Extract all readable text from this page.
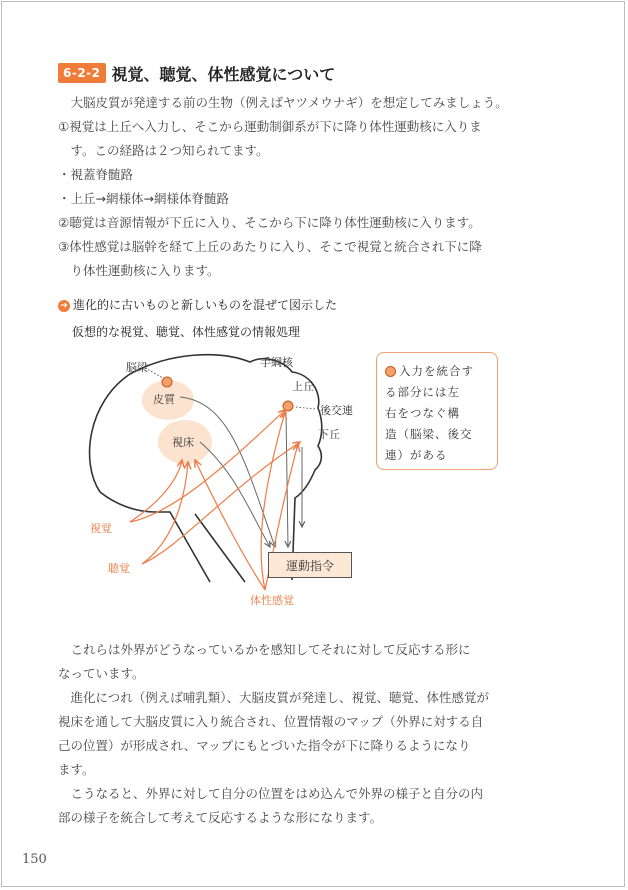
6-2-2 視覚、聴覚、体性感覚について
　大脳皮質が発達する前の生物（例えばヤツメウナギ）を想定してみましょう。
①視覚は上丘へ入力し、そこから運動制御系が下に降り体性運動核に入りま
　す。この経路は２つ知られてます。
・視蓋脊髄路
・上丘→網様体→網様体脊髄路
②聴覚は音源情報が下丘に入り、そこから下に降り体性運動核に入ります。
③体性感覚は脳幹を経て上丘のあたりに入り、そこで視覚と統合され下に降
　り体性運動核に入ります。
➔ 進化的に古いものと新しいものを混ぜて図示した
仮想的な視覚、聴覚、体性感覚の情報処理
脳梁
皮質
視床
手綱核
上丘
後交連
下丘
視覚
聴覚
体性感覚
運動指令
入力を統合す
る部分には左
右をつなぐ構
造（脳梁、後交
連）がある
　これらは外界がどうなっているかを感知してそれに対して反応する形に
なっています。
　進化につれ（例えば哺乳類）、大脳皮質が発達し、視覚、聴覚、体性感覚が
視床を通して大脳皮質に入り統合され、位置情報のマップ（外界に対する自
己の位置）が形成され、マップにもとづいた指令が下に降りるようになり
ます。
　こうなると、外界に対して自分の位置をはめ込んで外界の様子と自分の内
部の様子を統合して考えて反応するような形になります。
150
